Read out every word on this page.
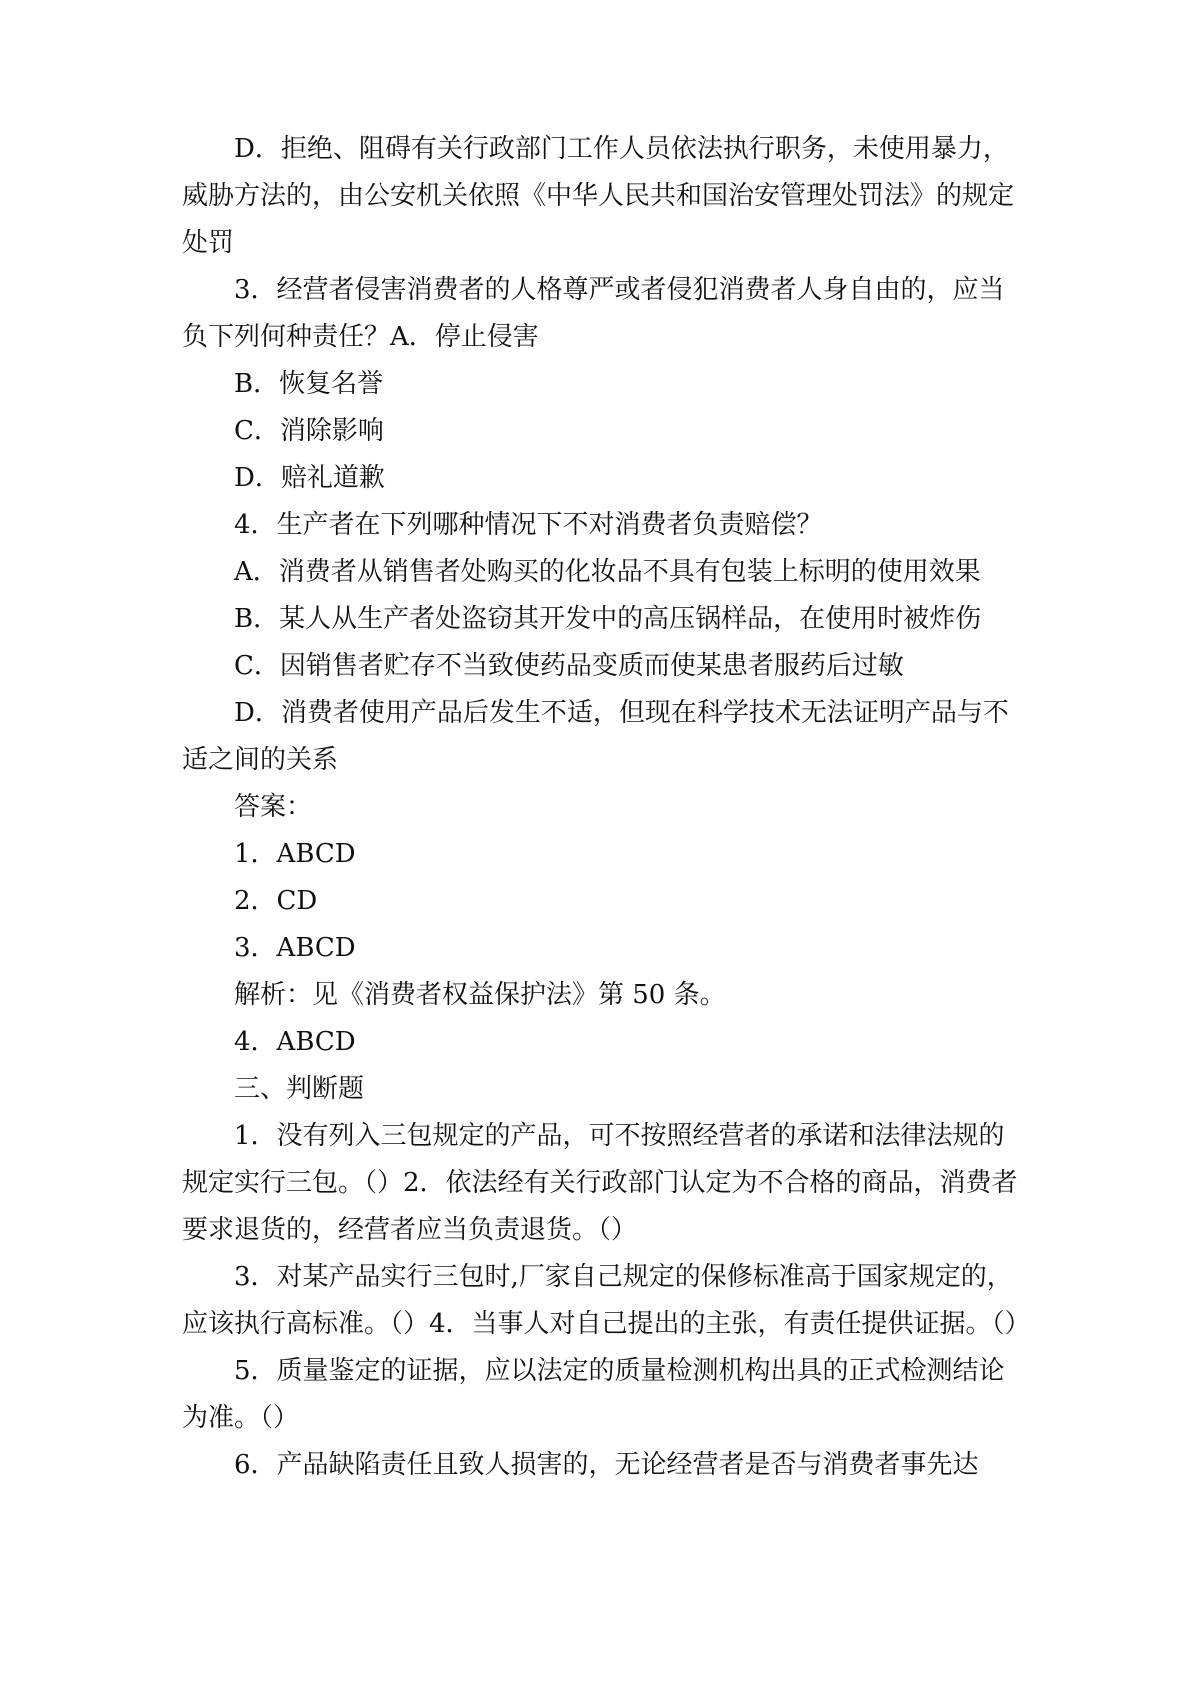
D．拒绝、阻碍有关行政部门工作人员依法执行职务，未使用暴力，威胁方法的，由公安机关依照《中华人民共和国治安管理处罚法》的规定处罚

3．经营者侵害消费者的人格尊严或者侵犯消费者人身自由的，应当负下列何种责任？A．停止侵害

B．恢复名誉

C．消除影响

D．赔礼道歉

4．生产者在下列哪种情况下不对消费者负责赔偿？

A．消费者从销售者处购买的化妆品不具有包装上标明的使用效果

B．某人从生产者处盗窃其开发中的高压锅样品，在使用时被炸伤

C．因销售者贮存不当致使药品变质而使某患者服药后过敏

D．消费者使用产品后发生不适，但现在科学技术无法证明产品与不适之间的关系

答案：

1．ABCD

2．CD

3．ABCD

解析：见《消费者权益保护法》第 50 条。

4．ABCD

三、判断题

1．没有列入三包规定的产品，可不按照经营者的承诺和法律法规的规定实行三包。（）2．依法经有关行政部门认定为不合格的商品，消费者要求退货的，经营者应当负责退货。（）

3．对某产品实行三包时,厂家自己规定的保修标准高于国家规定的，应该执行高标准。（）4．当事人对自己提出的主张，有责任提供证据。（）

5．质量鉴定的证据，应以法定的质量检测机构出具的正式检测结论为准。（）

6．产品缺陷责任且致人损害的，无论经营者是否与消费者事先达
